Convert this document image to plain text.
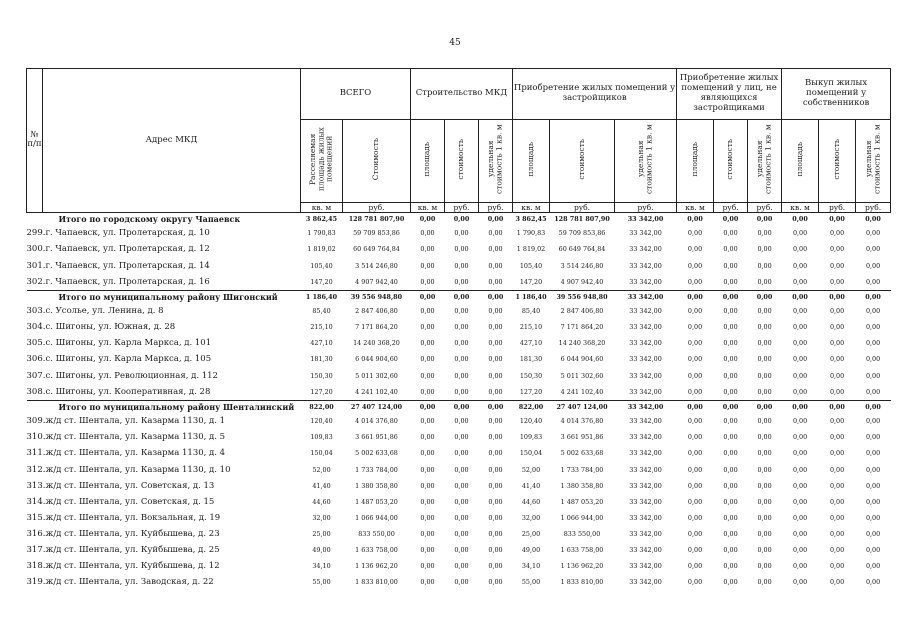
45
№ п/п	Адрес МКД	ВСЕГО		Строительство МКД			Приобретение жилых помещений у застройщиков			Приобретение жилых помещений у лиц, не являющихся застройщиками			Выкуп жилых помещений у собственников		
		Расселяемая площадь жилых помещений	Стоимость	площадь	стоимость	удельная стоимость 1 кв. м	площадь	стоимость	удельная стоимость 1 кв. м	площадь	стоимость	удельная стоимость 1 кв. м	площадь	стоимость	удельная стоимость 1 кв. м
		кв. м	руб.	кв. м	руб.	руб.	кв. м	руб.	руб.	кв. м	руб.	руб.	кв. м	руб.	руб.
	Итого по городскому округу Чапаевск	3 862,45	128 781 807,90	0,00	0,00	0,00	3 862,45	128 781 807,90	33 342,00	0,00	0,00	0,00	0,00	0,00	0,00
299.	г. Чапаевск, ул. Пролетарская, д. 10	1 790,83	59 709 853,86	0,00	0,00	0,00	1 790,83	59 709 853,86	33 342,00	0,00	0,00	0,00	0,00	0,00	0,00
300.	г. Чапаевск, ул. Пролетарская, д. 12	1 819,02	60 649 764,84	0,00	0,00	0,00	1 819,02	60 649 764,84	33 342,00	0,00	0,00	0,00	0,00	0,00	0,00
301.	г. Чапаевск, ул. Пролетарская, д. 14	105,40	3 514 246,80	0,00	0,00	0,00	105,40	3 514 246,80	33 342,00	0,00	0,00	0,00	0,00	0,00	0,00
302.	г. Чапаевск, ул. Пролетарская, д. 16	147,20	4 907 942,40	0,00	0,00	0,00	147,20	4 907 942,40	33 342,00	0,00	0,00	0,00	0,00	0,00	0,00
	Итого по муниципальному району Шигонский	1 186,40	39 556 948,80	0,00	0,00	0,00	1 186,40	39 556 948,80	33 342,00	0,00	0,00	0,00	0,00	0,00	0,00
303.	с. Усолье, ул. Ленина, д. 8	85,40	2 847 406,80	0,00	0,00	0,00	85,40	2 847 406,80	33 342,00	0,00	0,00	0,00	0,00	0,00	0,00
304.	с. Шигоны, ул. Южная, д. 28	215,10	7 171 864,20	0,00	0,00	0,00	215,10	7 171 864,20	33 342,00	0,00	0,00	0,00	0,00	0,00	0,00
305.	с. Шигоны, ул. Карла Маркса, д. 101	427,10	14 240 368,20	0,00	0,00	0,00	427,10	14 240 368,20	33 342,00	0,00	0,00	0,00	0,00	0,00	0,00
306.	с. Шигоны, ул. Карла Маркса, д. 105	181,30	6 044 904,60	0,00	0,00	0,00	181,30	6 044 904,60	33 342,00	0,00	0,00	0,00	0,00	0,00	0,00
307.	с. Шигоны, ул. Революционная, д. 112	150,30	5 011 302,60	0,00	0,00	0,00	150,30	5 011 302,60	33 342,00	0,00	0,00	0,00	0,00	0,00	0,00
308.	с. Шигоны, ул. Кооперативная, д. 28	127,20	4 241 102,40	0,00	0,00	0,00	127,20	4 241 102,40	33 342,00	0,00	0,00	0,00	0,00	0,00	0,00
	Итого по муниципальному району Шенталинский	822,00	27 407 124,00	0,00	0,00	0,00	822,00	27 407 124,00	33 342,00	0,00	0,00	0,00	0,00	0,00	0,00
309.	ж/д ст. Шентала, ул. Казарма 1130, д. 1	120,40	4 014 376,80	0,00	0,00	0,00	120,40	4 014 376,80	33 342,00	0,00	0,00	0,00	0,00	0,00	0,00
310.	ж/д ст. Шентала, ул. Казарма 1130, д. 5	109,83	3 661 951,86	0,00	0,00	0,00	109,83	3 661 951,86	33 342,00	0,00	0,00	0,00	0,00	0,00	0,00
311.	ж/д ст. Шентала, ул. Казарма 1130, д. 4	150,04	5 002 633,68	0,00	0,00	0,00	150,04	5 002 633,68	33 342,00	0,00	0,00	0,00	0,00	0,00	0,00
312.	ж/д ст. Шентала, ул. Казарма 1130, д. 10	52,00	1 733 784,00	0,00	0,00	0,00	52,00	1 733 784,00	33 342,00	0,00	0,00	0,00	0,00	0,00	0,00
313.	ж/д ст. Шентала, ул. Советская, д. 13	41,40	1 380 358,80	0,00	0,00	0,00	41,40	1 380 358,80	33 342,00	0,00	0,00	0,00	0,00	0,00	0,00
314.	ж/д ст. Шентала, ул. Советская, д. 15	44,60	1 487 053,20	0,00	0,00	0,00	44,60	1 487 053,20	33 342,00	0,00	0,00	0,00	0,00	0,00	0,00
315.	ж/д ст. Шентала, ул. Вокзальная, д. 19	32,00	1 066 944,00	0,00	0,00	0,00	32,00	1 066 944,00	33 342,00	0,00	0,00	0,00	0,00	0,00	0,00
316.	ж/д ст. Шентала, ул. Куйбышева, д. 23	25,00	833 550,00	0,00	0,00	0,00	25,00	833 550,00	33 342,00	0,00	0,00	0,00	0,00	0,00	0,00
317.	ж/д ст. Шентала, ул. Куйбышева, д. 25	49,00	1 633 758,00	0,00	0,00	0,00	49,00	1 633 758,00	33 342,00	0,00	0,00	0,00	0,00	0,00	0,00
318.	ж/д ст. Шентала, ул. Куйбышева, д. 12	34,10	1 136 962,20	0,00	0,00	0,00	34,10	1 136 962,20	33 342,00	0,00	0,00	0,00	0,00	0,00	0,00
319.	ж/д ст. Шентала, ул. Заводская, д. 22	55,00	1 833 810,00	0,00	0,00	0,00	55,00	1 833 810,00	33 342,00	0,00	0,00	0,00	0,00	0,00	0,00
